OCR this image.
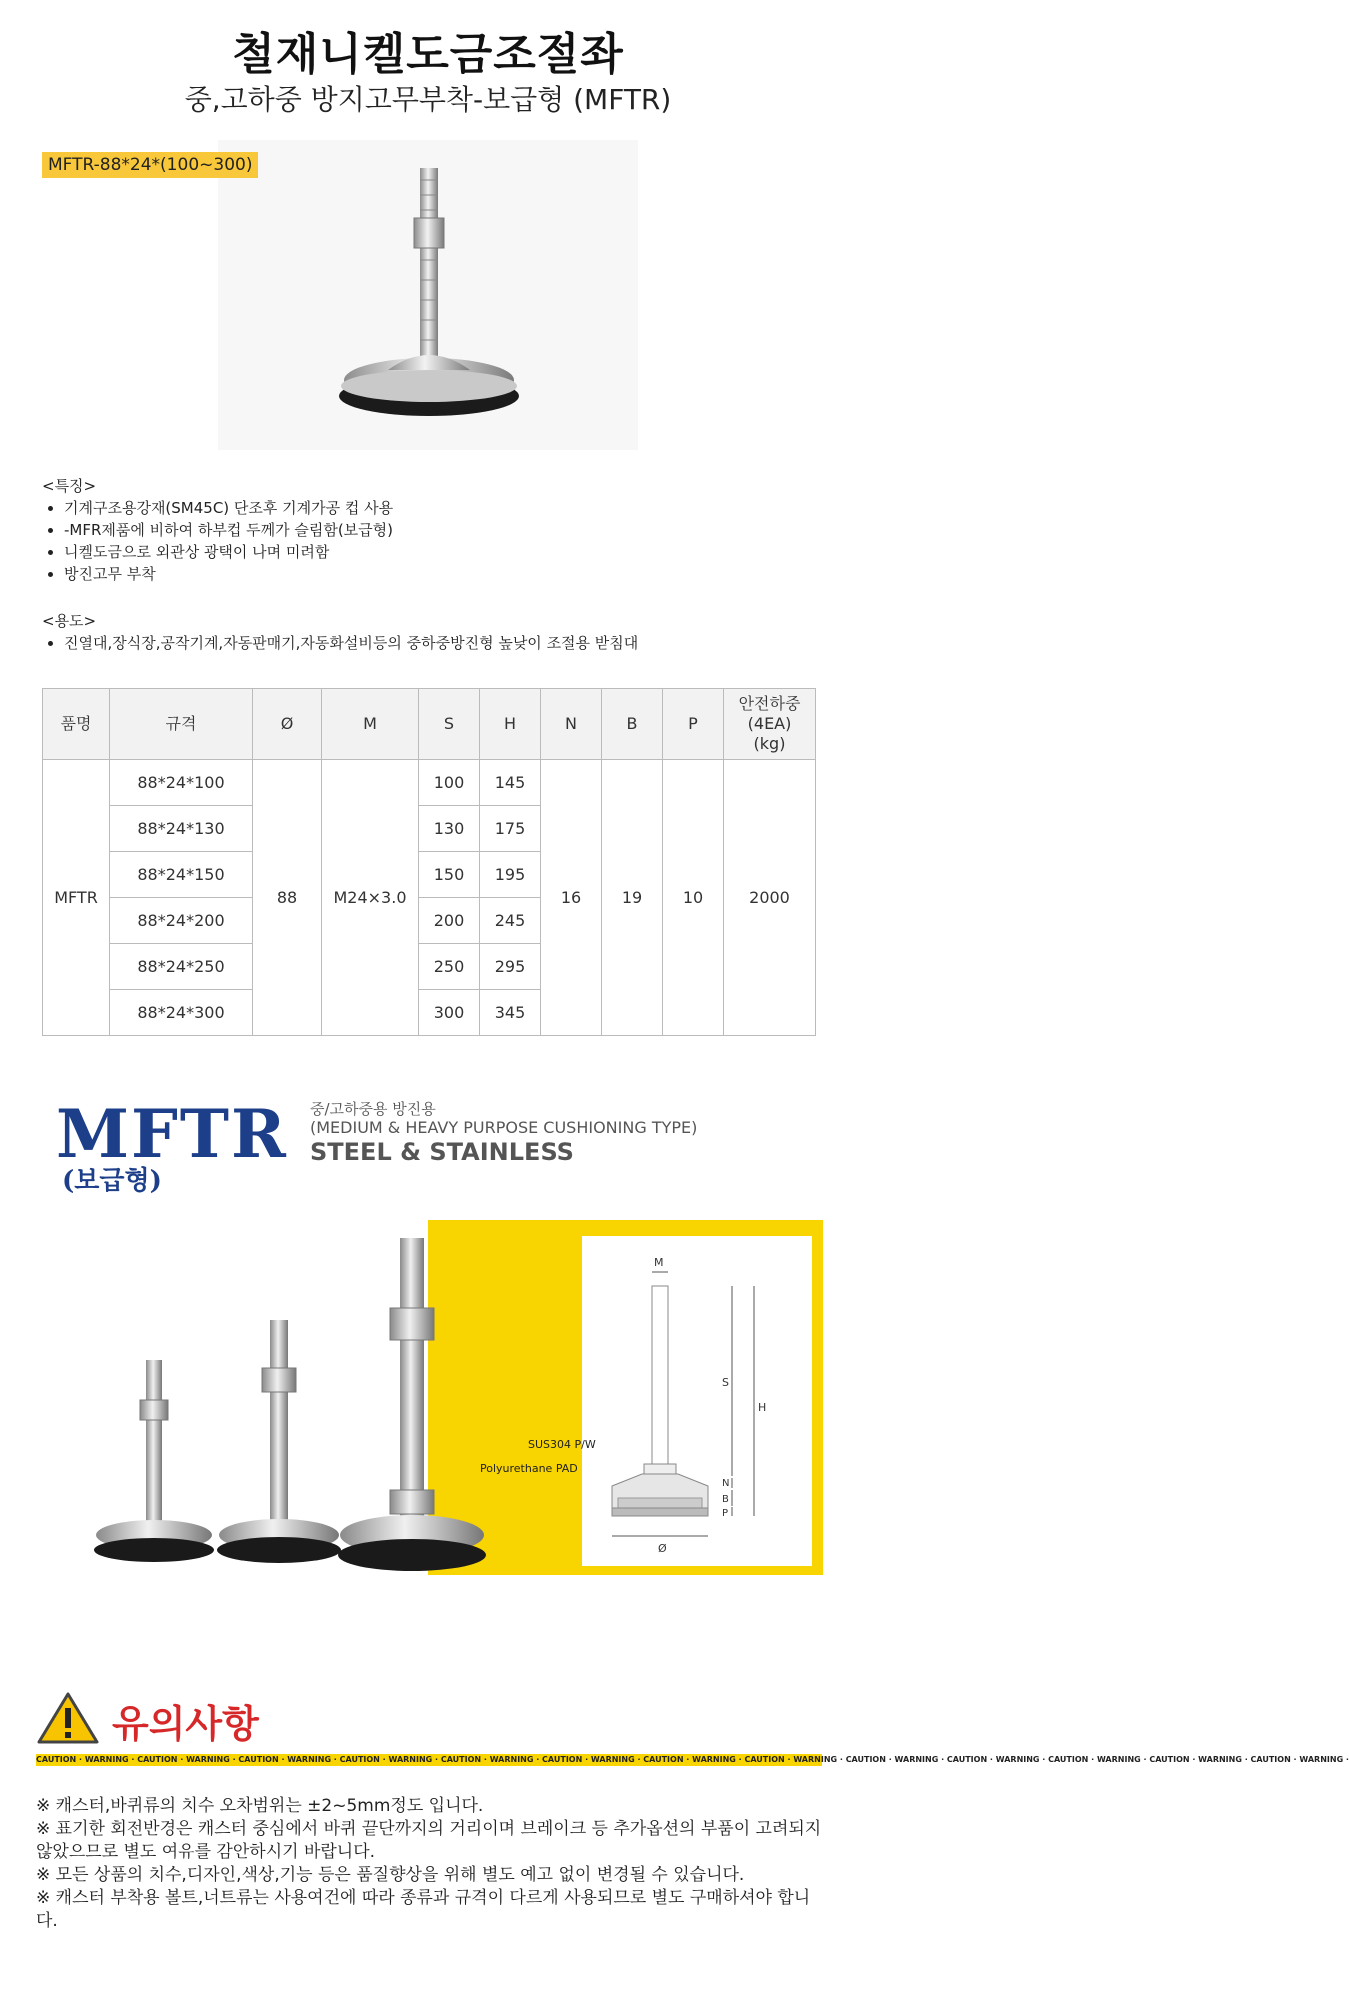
철재니켈도금조절좌
중,고하중 방지고무부착-보급형 (MFTR)
MFTR-88*24*(100~300)
<특징>
• 기계구조용강재(SM45C) 단조후 기계가공 컵 사용
• -MFR제품에 비하여 하부컵 두께가 슬림함(보급형)
• 니켈도금으로 외관상 광택이 나며 미려함
• 방진고무 부착
<용도>
• 진열대,장식장,공작기계,자동판매기,자동화설비등의 중하중방진형 높낮이 조절용 받침대
품명	규격	Ø	M	S	H	N	B	P	안전하중
(4EA)
(kg)
MFTR	88*24*100	88	M24×3.0	100	145	16	19	10	2000
	88*24*130			130	175				
	88*24*150			150	195				
	88*24*200			200	245				
	88*24*250			250	295				
	88*24*300			300	345				
MFTR
(보급형)
중/고하중용 방진용
(MEDIUM & HEAVY PURPOSE CUSHIONING TYPE)
STEEL & STAINLESS
M
S
H
N
B
P
Ø
SUS304 P/W
Polyurethane PAD
유의사항
CAUTION · WARNING · CAUTION · WARNING · CAUTION · WARNING · CAUTION · WARNING · CAUTION · WARNING · CAUTION · WARNING · CAUTION · WARNING · CAUTION · WARNING · CAUTION · WARNING · CAUTION · WARNING · CAUTION · WARNING · CAUTION · WARNING · CAUTION · WARNING ·

※ 캐스터,바퀴류의 치수 오차범위는 ±2~5mm정도 입니다.

※ 표기한 회전반경은 캐스터 중심에서 바퀴 끝단까지의 거리이며 브레이크 등 추가옵션의 부품이 고려되지 않았으므로 별도 여유를 감안하시기 바랍니다.

※ 모든 상품의 치수,디자인,색상,기능 등은 품질향상을 위해 별도 예고 없이 변경될 수 있습니다.

※ 캐스터 부착용 볼트,너트류는 사용여건에 따라 종류과 규격이 다르게 사용되므로 별도 구매하셔야 합니다.
